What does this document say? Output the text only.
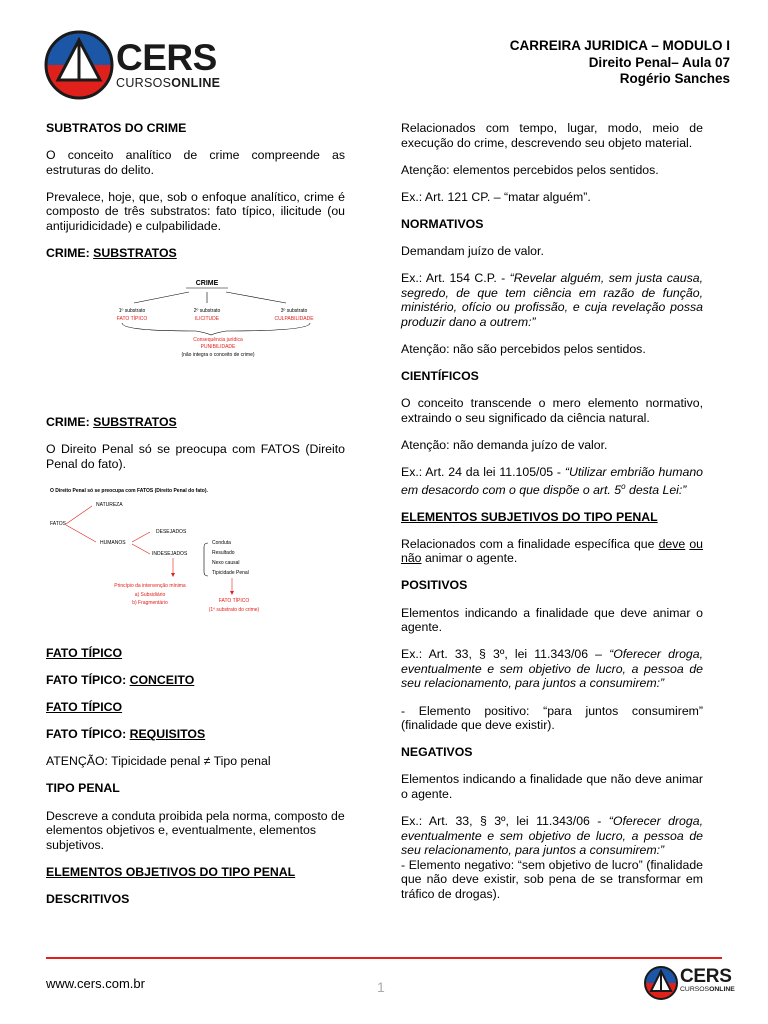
CERS
CURSOSONLINE
CARREIRA JURIDICA – MODULO I
Direito Penal– Aula 07
Rogério Sanches
SUBTRATOS DO CRIME

O conceito analítico de crime compreende as estruturas do delito.

Prevalece, hoje, que, sob o enfoque analítico, crime é composto de três substratos: fato típico, ilicitude (ou antijuridicidade) e culpabilidade.

CRIME: SUBSTRATOS
CRIME
1º substrato
FATO TÍPICO
2º substrato
ILICITUDE
3º substrato
CULPABILIDADE
Consequência jurídica
PUNIBILIDADE
(não integra o conceito de crime)
CRIME: SUBSTRATOS

O Direito Penal só se preocupa com FATOS (Direito Penal do fato).

O Direito Penal só se preocupa com FATOS (Direito Penal do fato).
NATUREZA
FATOS
HUMANOS
DESEJADOS
INDESEJADOS
Conduta
Resultado
Nexo causal
Tipicidade Penal
Princípio da intervenção mínima
a) Subsidiário
b) Fragmentário	FATO TÍPICO
(1º substrato do crime)
FATO TÍPICO
FATO TÍPICO: CONCEITO
FATO TÍPICO
FATO TÍPICO: REQUISITOS

ATENÇÃO: Tipicidade penal ≠ Tipo penal

TIPO PENAL

Descreve a conduta proibida pela norma, composto de elementos objetivos e, eventualmente, elementos subjetivos.

ELEMENTOS OBJETIVOS DO TIPO PENAL
DESCRITIVOS

Relacionados com tempo, lugar, modo, meio de execução do crime, descrevendo seu objeto material.

Atenção: elementos percebidos pelos sentidos.

Ex.: Art. 121 CP. – “matar alguém”.

NORMATIVOS

Demandam juízo de valor.

Ex.: Art. 154 C.P. - “Revelar alguém, sem justa causa, segredo, de que tem ciência em razão de função, ministério, ofício ou profissão, e cuja revelação possa produzir dano a outrem:”

Atenção: não são percebidos pelos sentidos.

CIENTÍFICOS

O conceito transcende o mero elemento normativo, extraindo o seu significado da ciência natural.

Atenção: não demanda juízo de valor.

Ex.: Art. 24 da lei 11.105/05 - “Utilizar embrião humano em desacordo com o que dispõe o art. 5$^o$ desta Lei:”

ELEMENTOS SUBJETIVOS DO TIPO PENAL

Relacionados com a finalidade específica que deve ou não animar o agente.

POSITIVOS

Elementos indicando a finalidade que deve animar o agente.

Ex.: Art. 33, § 3º, lei 11.343/06 – “Oferecer droga, eventualmente e sem objetivo de lucro, a pessoa de seu relacionamento, para juntos a consumirem:”

- Elemento positivo: “para juntos consumirem” (finalidade que deve existir).

NEGATIVOS

Elementos indicando a finalidade que não deve animar o agente.

Ex.: Art. 33, § 3º, lei 11.343/06 - “Oferecer droga, eventualmente e sem objetivo de lucro, a pessoa de seu relacionamento, para juntos a consumirem:”

- Elemento negativo: “sem objetivo de lucro” (finalidade que não deve existir, sob pena de se transformar em tráfico de drogas).

www.cers.com.br	1	CERS
CURSOSONLINE
